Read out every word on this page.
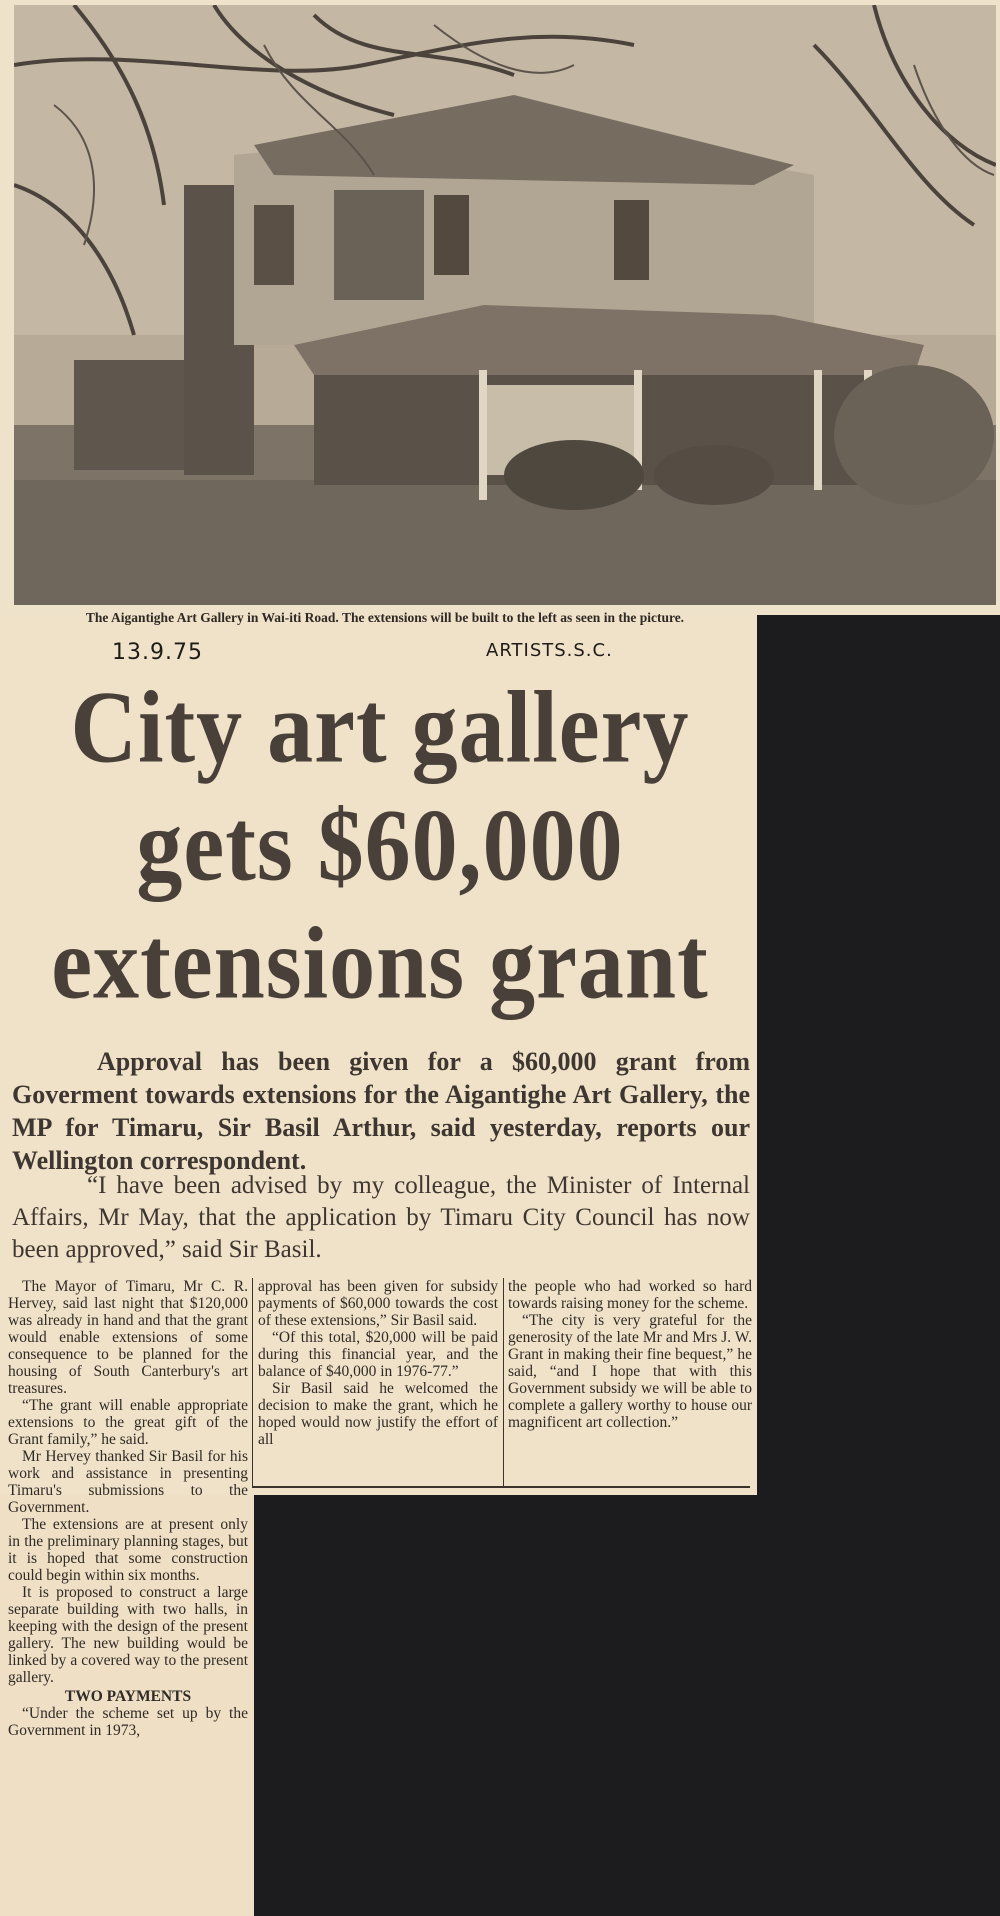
The Aigantighe Art Gallery in Wai-iti Road. The extensions will be built to the left as seen in the picture.
13.9.75	ARTISTS.S.C.
City art gallery
gets $60,000
extensions grant

Approval has been given for a $60,000 grant from Goverment towards extensions for the Aigantighe Art Gallery, the MP for Timaru, Sir Basil Arthur, said yesterday, reports our Wellington correspondent.

“I have been advised by my colleague, the Minister of Internal Affairs, Mr May, that the application by Timaru City Council has now been approved,” said Sir Basil.

The Mayor of Timaru, Mr C. R. Hervey, said last night that $120,000 was already in hand and that the grant would enable extensions of some consequence to be planned for the housing of South Canterbury's art treasures.

“The grant will enable appropriate extensions to the great gift of the Grant family,” he said.

Mr Hervey thanked Sir Basil for his work and assistance in presenting Timaru's submissions to the Government.

The extensions are at present only in the preliminary planning stages, but it is hoped that some construction could begin within six months.

It is proposed to construct a large separate building with two halls, in keeping with the design of the present gallery. The new building would be linked by a covered way to the present gallery.

TWO PAYMENTS

“Under the scheme set up by the Government in 1973,

approval has been given for subsidy payments of $60,000 towards the cost of these extensions,” Sir Basil said.

“Of this total, $20,000 will be paid during this financial year, and the balance of $40,000 in 1976-77.”

Sir Basil said he welcomed the decision to make the grant, which he hoped would now justify the effort of all

the people who had worked so hard towards raising money for the scheme.

“The city is very grateful for the generosity of the late Mr and Mrs J. W. Grant in making their fine bequest,” he said, “and I hope that with this Government subsidy we will be able to complete a gallery worthy to house our magnificent art collection.”
